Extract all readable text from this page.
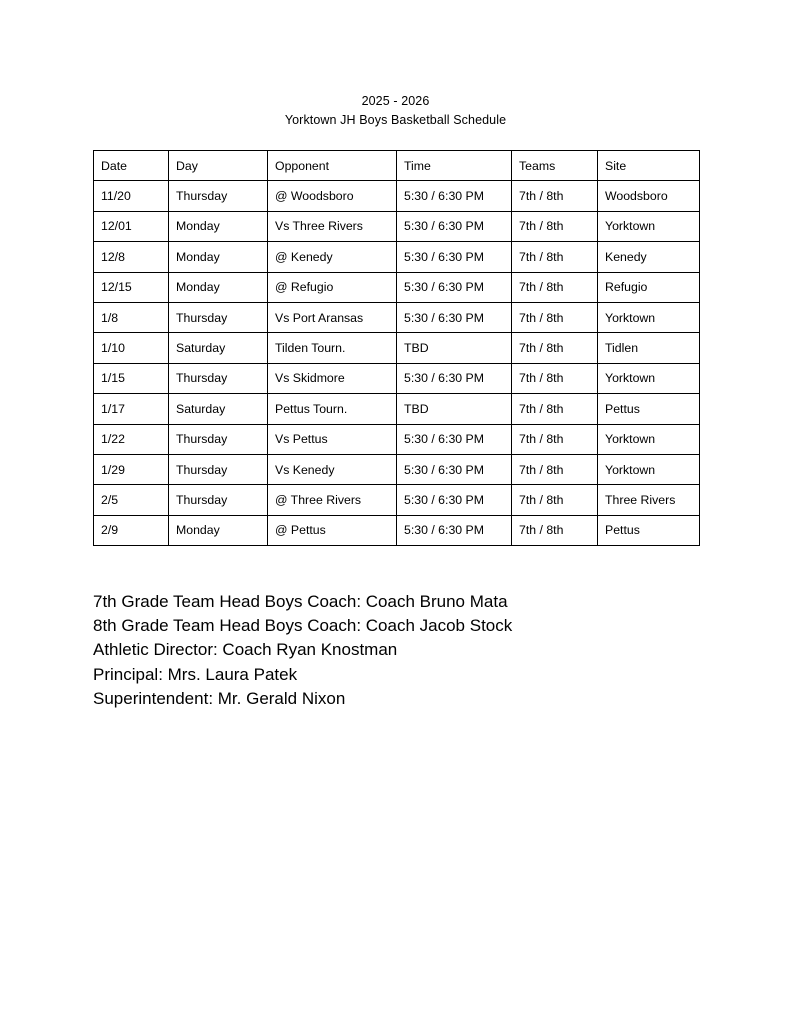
2025 - 2026
Yorktown JH Boys Basketball Schedule
Date	Day	Opponent	Time	Teams	Site
11/20	Thursday	@ Woodsboro	5:30 / 6:30 PM	7th / 8th	Woodsboro
12/01	Monday	Vs Three Rivers	5:30 / 6:30 PM	7th / 8th	Yorktown
12/8	Monday	@ Kenedy	5:30 / 6:30 PM	7th / 8th	Kenedy
12/15	Monday	@ Refugio	5:30 / 6:30 PM	7th / 8th	Refugio
1/8	Thursday	Vs Port Aransas	5:30 / 6:30 PM	7th / 8th	Yorktown
1/10	Saturday	Tilden Tourn.	TBD	7th / 8th	Tidlen
1/15	Thursday	Vs Skidmore	5:30 / 6:30 PM	7th / 8th	Yorktown
1/17	Saturday	Pettus Tourn.	TBD	7th / 8th	Pettus
1/22	Thursday	Vs Pettus	5:30 / 6:30 PM	7th / 8th	Yorktown
1/29	Thursday	Vs Kenedy	5:30 / 6:30 PM	7th / 8th	Yorktown
2/5	Thursday	@ Three Rivers	5:30 / 6:30 PM	7th / 8th	Three Rivers
2/9	Monday	@ Pettus	5:30 / 6:30 PM	7th / 8th	Pettus
7th Grade Team Head Boys Coach: Coach Bruno Mata
8th Grade Team Head Boys Coach: Coach Jacob Stock
Athletic Director: Coach Ryan Knostman
Principal: Mrs. Laura Patek
Superintendent: Mr. Gerald Nixon
